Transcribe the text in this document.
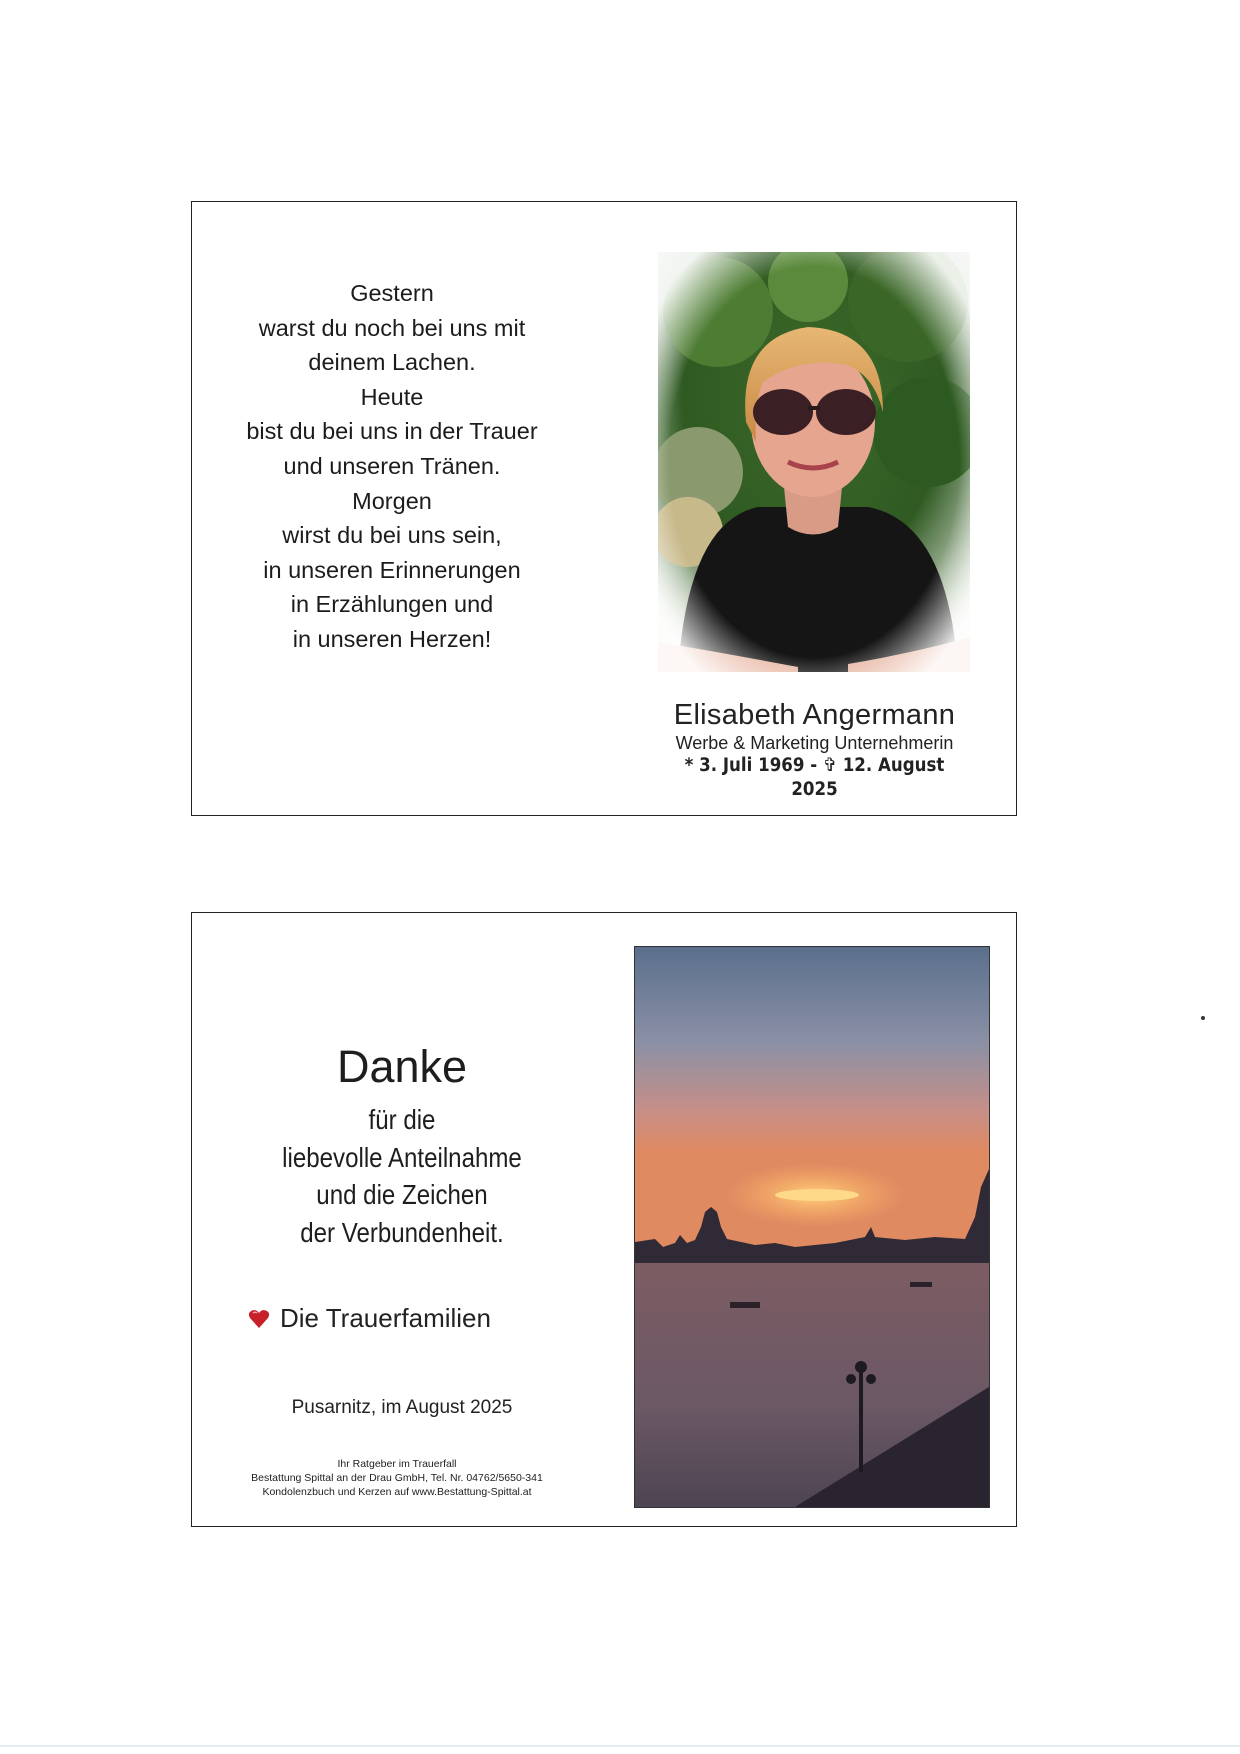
Gestern
warst du noch bei uns mit
deinem Lachen.
Heute
bist du bei uns in der Trauer
und unseren Tränen.
Morgen
wirst du bei uns sein,
in unseren Erinnerungen
in Erzählungen und
in unseren Herzen!
Elisabeth Angermann
Werbe & Marketing Unternehmerin
* 3. Juli 1969 - ✞ 12. August 2025
Danke
für die
liebevolle Anteilnahme
und die Zeichen
der Verbundenheit.
Die Trauerfamilien
Pusarnitz, im August 2025
Ihr Ratgeber im Trauerfall
Bestattung Spittal an der Drau GmbH, Tel. Nr. 04762/5650-341
Kondolenzbuch und Kerzen auf www.Bestattung-Spittal.at
